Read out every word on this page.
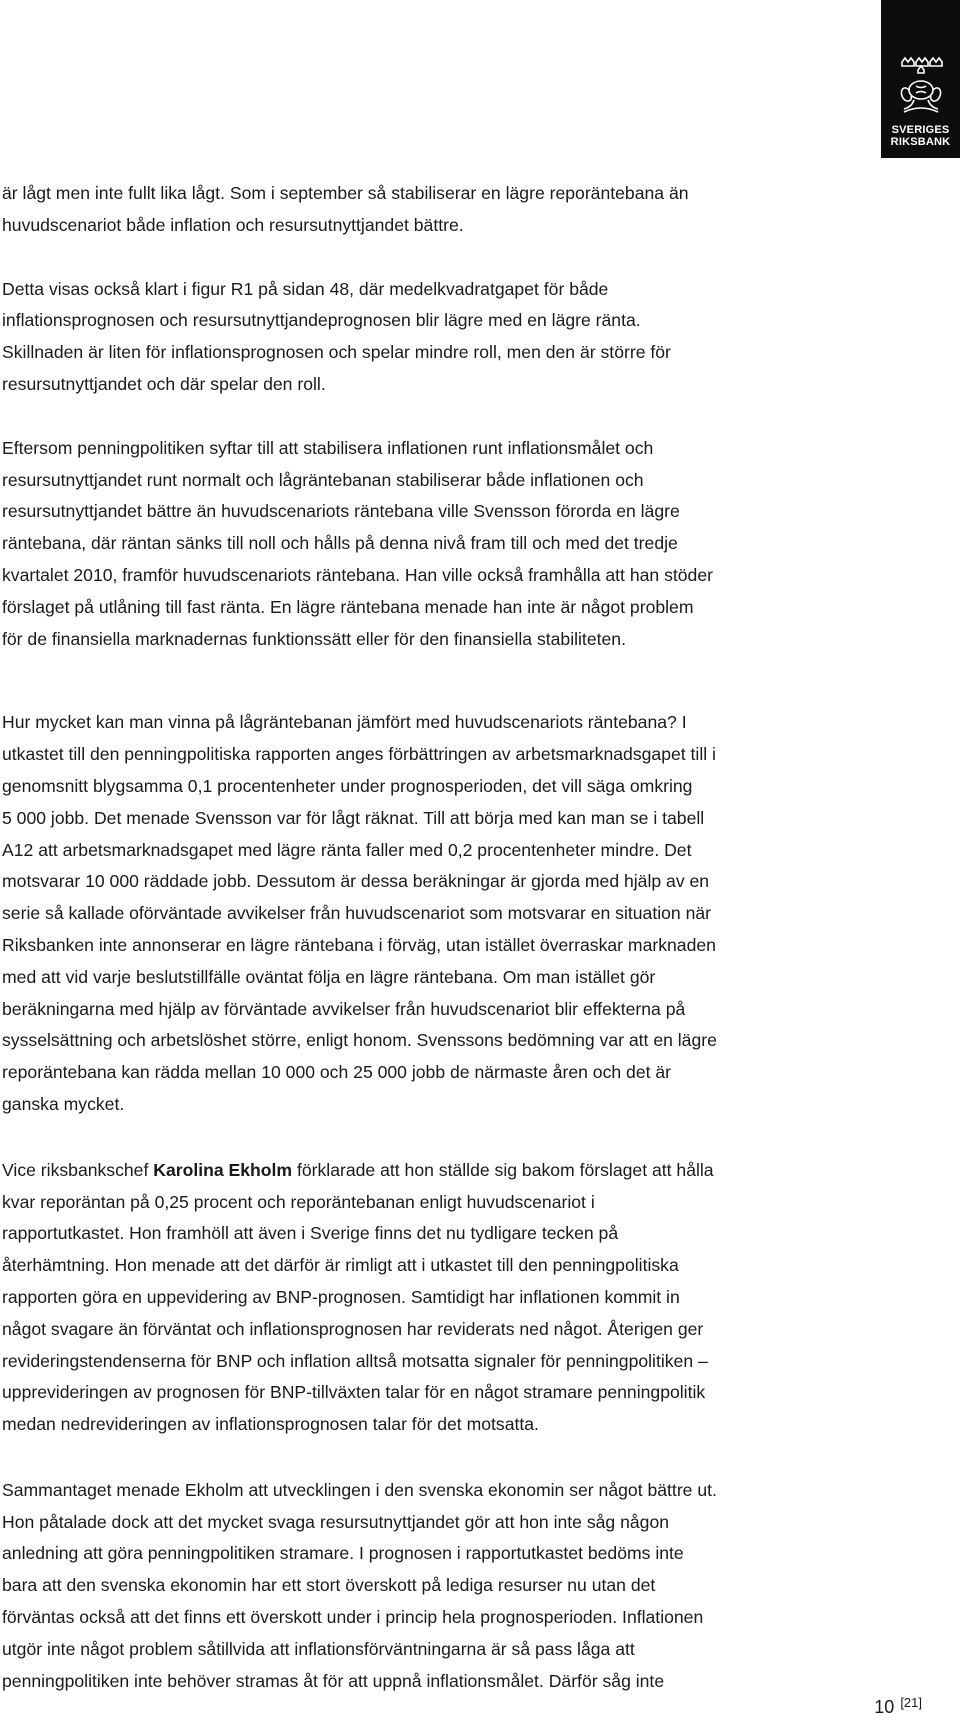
SVERIGES
RIKSBANK

är lågt men inte fullt lika lågt. Som i september så stabiliserar en lägre reporäntebana än
huvudscenariot både inflation och resursutnyttjandet bättre.

Detta visas också klart i figur R1 på sidan 48, där medelkvadratgapet för både
inflationsprognosen och resursutnyttjandeprognosen blir lägre med en lägre ränta.
Skillnaden är liten för inflationsprognosen och spelar mindre roll, men den är större för
resursutnyttjandet och där spelar den roll.

Eftersom penningpolitiken syftar till att stabilisera inflationen runt inflationsmålet och
resursutnyttjandet runt normalt och lågräntebanan stabiliserar både inflationen och
resursutnyttjandet bättre än huvudscenariots räntebana ville Svensson förorda en lägre
räntebana, där räntan sänks till noll och hålls på denna nivå fram till och med det tredje
kvartalet 2010, framför huvudscenariots räntebana. Han ville också framhålla att han stöder
förslaget på utlåning till fast ränta. En lägre räntebana menade han inte är något problem
för de finansiella marknadernas funktionssätt eller för den finansiella stabiliteten.

Hur mycket kan man vinna på lågräntebanan jämfört med huvudscenariots räntebana? I
utkastet till den penningpolitiska rapporten anges förbättringen av arbetsmarknadsgapet till i
genomsnitt blygsamma 0,1 procentenheter under prognosperioden, det vill säga omkring
5 000 jobb. Det menade Svensson var för lågt räknat. Till att börja med kan man se i tabell
A12 att arbetsmarknadsgapet med lägre ränta faller med 0,2 procentenheter mindre. Det
motsvarar 10 000 räddade jobb. Dessutom är dessa beräkningar är gjorda med hjälp av en
serie så kallade oförväntade avvikelser från huvudscenariot som motsvarar en situation när
Riksbanken inte annonserar en lägre räntebana i förväg, utan istället överraskar marknaden
med att vid varje beslutstillfälle oväntat följa en lägre räntebana. Om man istället gör
beräkningarna med hjälp av förväntade avvikelser från huvudscenariot blir effekterna på
sysselsättning och arbetslöshet större, enligt honom. Svenssons bedömning var att en lägre
reporäntebana kan rädda mellan 10 000 och 25 000 jobb de närmaste åren och det är
ganska mycket.

Vice riksbankschef Karolina Ekholm förklarade att hon ställde sig bakom förslaget att hålla
kvar reporäntan på 0,25 procent och reporäntebanan enligt huvudscenariot i
rapportutkastet. Hon framhöll att även i Sverige finns det nu tydligare tecken på
återhämtning. Hon menade att det därför är rimligt att i utkastet till den penningpolitiska
rapporten göra en uppevidering av BNP-prognosen. Samtidigt har inflationen kommit in
något svagare än förväntat och inflationsprognosen har reviderats ned något. Återigen ger
revideringstendenserna för BNP och inflation alltså motsatta signaler för penningpolitiken –
upprevideringen av prognosen för BNP-tillväxten talar för en något stramare penningpolitik
medan nedrevideringen av inflationsprognosen talar för det motsatta.

Sammantaget menade Ekholm att utvecklingen i den svenska ekonomin ser något bättre ut.
Hon påtalade dock att det mycket svaga resursutnyttjandet gör att hon inte såg någon
anledning att göra penningpolitiken stramare. I prognosen i rapportutkastet bedöms inte
bara att den svenska ekonomin har ett stort överskott på lediga resurser nu utan det
förväntas också att det finns ett överskott under i princip hela prognosperioden. Inflationen
utgör inte något problem såtillvida att inflationsförväntningarna är så pass låga att
penningpolitiken inte behöver stramas åt för att uppnå inflationsmålet. Därför såg inte

10 [21]
